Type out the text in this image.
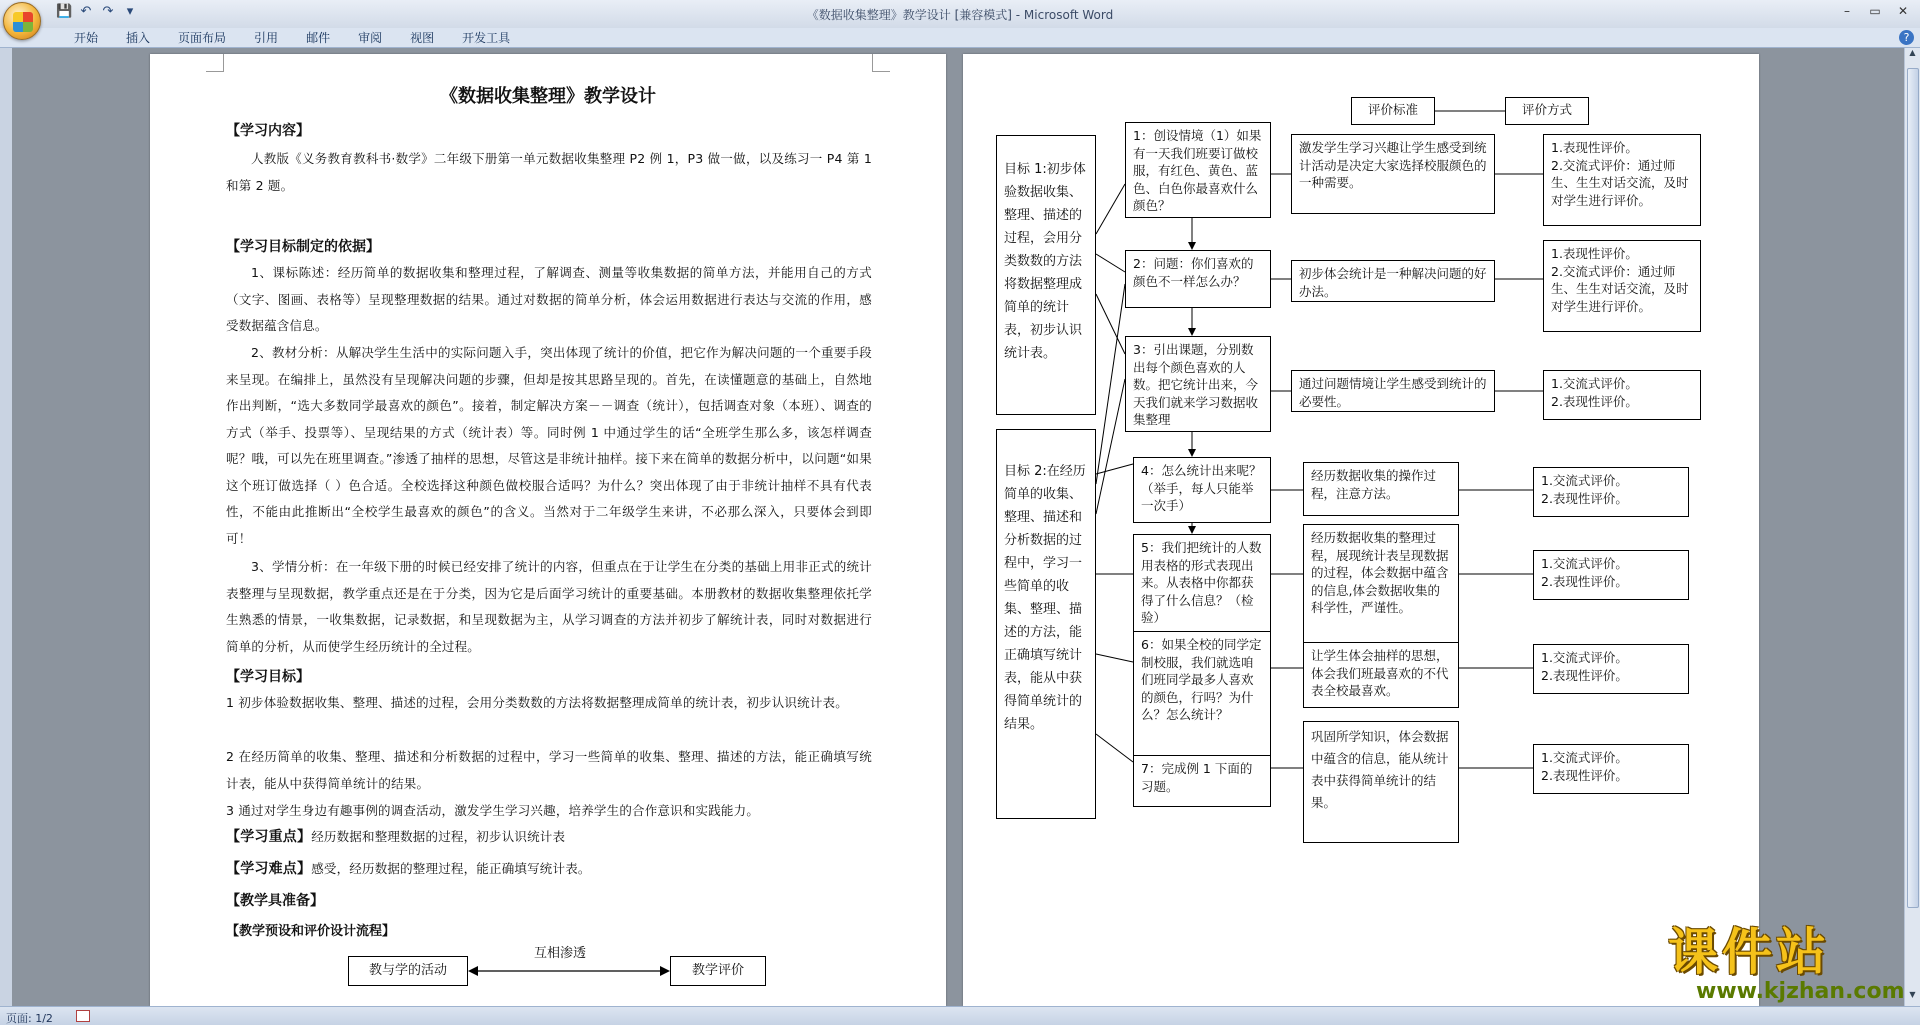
💾 ↶ ↷	▾	《数据收集整理》教学设计 [兼容模式] - Microsoft Word	–	▭	✕
开始	插入	页面布局	引用	邮件	审阅	视图	开发工具	?
《数据收集整理》教学设计
【学习内容】
人教版《义务教育教科书·数学》二年级下册第一单元数据收集整理 P2 例 1，P3 做一做，以及练习一 P4 第 1 和第 2 题。
【学习目标制定的依据】
1、课标陈述：经历简单的数据收集和整理过程，了解调查、测量等收集数据的简单方法，并能用自己的方式（文字、图画、表格等）呈现整理数据的结果。通过对数据的简单分析，体会运用数据进行表达与交流的作用，感受数据蕴含信息。
2、教材分析：从解决学生生活中的实际问题入手，突出体现了统计的价值，把它作为解决问题的一个重要手段来呈现。在编排上，虽然没有呈现解决问题的步骤，但却是按其思路呈现的。首先，在读懂题意的基础上，自然地作出判断，“选大多数同学最喜欢的颜色”。接着，制定解决方案－－调查（统计），包括调查对象（本班）、调查的方式（举手、投票等）、呈现结果的方式（统计表）等。同时例 1 中通过学生的话“全班学生那么多，该怎样调查呢？哦，可以先在班里调查。”渗透了抽样的思想，尽管这是非统计抽样。接下来在简单的数据分析中，以问题“如果这个班订做选择（ ）色合适。全校选择这种颜色做校服合适吗？为什么？突出体现了由于非统计抽样不具有代表性，不能由此推断出“全校学生最喜欢的颜色”的含义。当然对于二年级学生来讲，不必那么深入，只要体会到即可！
3、学情分析：在一年级下册的时候已经安排了统计的内容，但重点在于让学生在分类的基础上用非正式的统计表整理与呈现数据，教学重点还是在于分类，因为它是后面学习统计的重要基础。本册教材的数据收集整理依托学生熟悉的情景，一收集数据，记录数据，和呈现数据为主，从学习调查的方法并初步了解统计表，同时对数据进行简单的分析，从而使学生经历统计的全过程。
【学习目标】
1 初步体验数据收集、整理、描述的过程，会用分类数数的方法将数据整理成简单的统计表，初步认识统计表。
2 在经历简单的收集、整理、描述和分析数据的过程中，学习一些简单的收集、整理、描述的方法，能正确填写统计表，能从中获得简单统计的结果。
3 通过对学生身边有趣事例的调查活动，激发学生学习兴趣，培养学生的合作意识和实践能力。
【学习重点】经历数据和整理数据的过程，初步认识统计表
【学习难点】感受，经历数据的整理过程，能正确填写统计表。
【教学具准备】
【教学预设和评价设计流程】
互相渗透
教与学的活动	教学评价
评价标准	评价方式
目标 1:初步体验数据收集、整理、描述的过程，会用分类数数的方法将数据整理成简单的统计表，初步认识统计表。
目标 2:在经历简单的收集、整理、描述和分析数据的过程中，学习一些简单的收集、整理、描述的方法，能正确填写统计表，能从中获得简单统计的结果。
1：创设情境（1）如果有一天我们班要订做校服，有红色、黄色、蓝色、白色你最喜欢什么颜色？
2：问题：你们喜欢的颜色不一样怎么办？
3：引出课题，分别数出每个颜色喜欢的人数。把它统计出来，今天我们就来学习数据收集整理
4：怎么统计出来呢？（举手，每人只能举一次手）
5：我们把统计的人数用表格的形式表现出来。从表格中你都获得了什么信息？（检验）
6：如果全校的同学定制校服，我们就选咱们班同学最多人喜欢的颜色，行吗？为什么？怎么统计？
7：完成例 1 下面的习题。
激发学生学习兴趣让学生感受到统计活动是决定大家选择校服颜色的一种需要。
初步体会统计是一种解决问题的好办法。
通过问题情境让学生感受到统计的必要性。
经历数据收集的操作过程，注意方法。
经历数据收集的整理过程，展现统计表呈现数据的过程，体会数据中蕴含的信息,体会数据收集的科学性，严谨性。
让学生体会抽样的思想，体会我们班最喜欢的不代表全校最喜欢。
巩固所学知识，体会数据中蕴含的信息，能从统计表中获得简单统计的结果。
1.表现性评价。
2.交流式评价：通过师生、生生对话交流，及时对学生进行评价。
1.表现性评价。
2.交流式评价：通过师生、生生对话交流，及时对学生进行评价。
1.交流式评价。
2.表现性评价。
1.交流式评价。
2.表现性评价。
1.交流式评价。
2.表现性评价。
1.交流式评价。
2.表现性评价。
1.交流式评价。
2.表现性评价。
▲
▼
课件站
www.kjzhan.com
页面: 1/2
